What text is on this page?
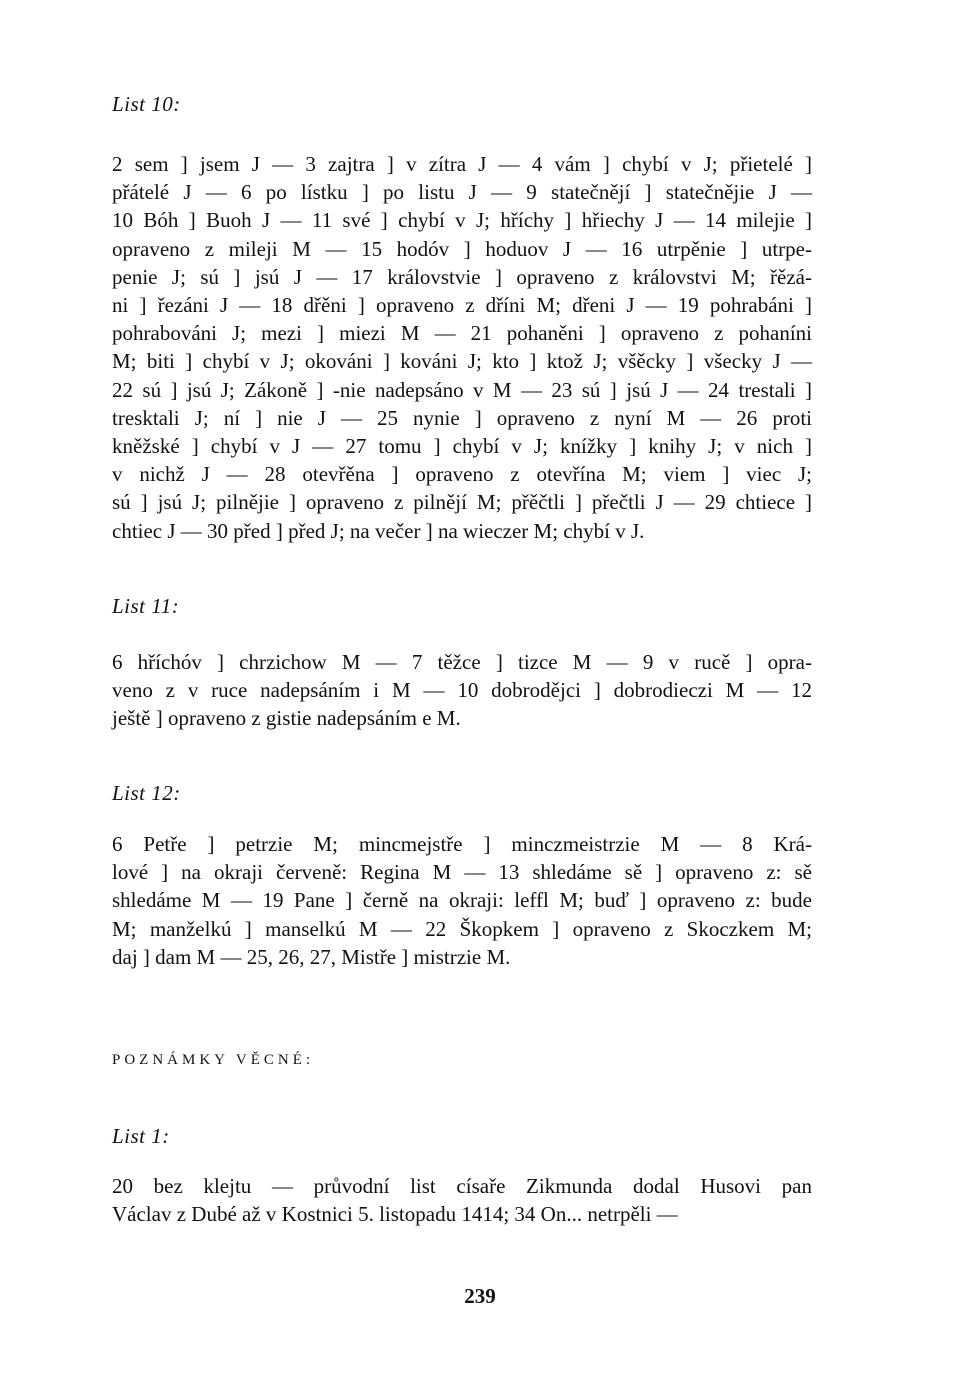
List 10:
2 sem ] jsem J — 3 zajtra ] v zítra J — 4 vám ] chybí v J; přietelé ]
přátelé J — 6 po lístku ] po listu J — 9 statečnějí ] statečnějie J —
10 Bóh ] Buoh J — 11 své ] chybí v J; hříchy ] hřiechy J — 14 milejie ]
opraveno z mileji M — 15 hodóv ] hoduov J — 16 utrpěnie ] utrpe-
penie J; sú ] jsú J — 17 královstvie ] opraveno z královstvi M; řězá-
ni ] řezáni J — 18 dřěni ] opraveno z dříni M; dřeni J — 19 pohrabáni ]
pohrabováni J; mezi ] miezi M — 21 pohaněni ] opraveno z pohaníni
M; biti ] chybí v J; okováni ] kováni J; kto ] ktož J; všěcky ] všecky J —
22 sú ] jsú J; Zákoně ] -nie nadepsáno v M — 23 sú ] jsú J — 24 trestali ]
tresktali J; ní ] nie J — 25 nynie ] opraveno z nyní M — 26 proti
kněžské ] chybí v J — 27 tomu ] chybí v J; knížky ] knihy J; v nich ]
v nichž J — 28 otevřěna ] opraveno z otevřína M; viem ] viec J;
sú ] jsú J; pilnějie ] opraveno z pilnějí M; přěčtli ] přečtli J — 29 chtiece ]
chtiec J — 30 před ] před J; na večer ] na wieczer M; chybí v J.
List 11:
6 hříchóv ] chrzichow M — 7 těžce ] tizce M — 9 v rucě ] opra-
veno z v ruce nadepsáním i M — 10 dobrodějci ] dobrodieczi M — 12
ještě ] opraveno z gistie nadepsáním e M.
List 12:
6 Petře ] petrzie M; mincmejstře ] minczmeistrzie M — 8 Krá-
lové ] na okraji červeně: Regina M — 13 shledáme sě ] opraveno z: sě
shledáme M — 19 Pane ] černě na okraji: leffl M; buď ] opraveno z: bude
M; manželkú ] manselkú M — 22 Škopkem ] opraveno z Skoczkem M;
daj ] dam M — 25, 26, 27, Mistře ] mistrzie M.
POZNÁMKY VĚCNÉ:
List 1:
20 bez klejtu — průvodní list císaře Zikmunda dodal Husovi pan
Václav z Dubé až v Kostnici 5. listopadu 1414; 34 On... netrpěli —
239
